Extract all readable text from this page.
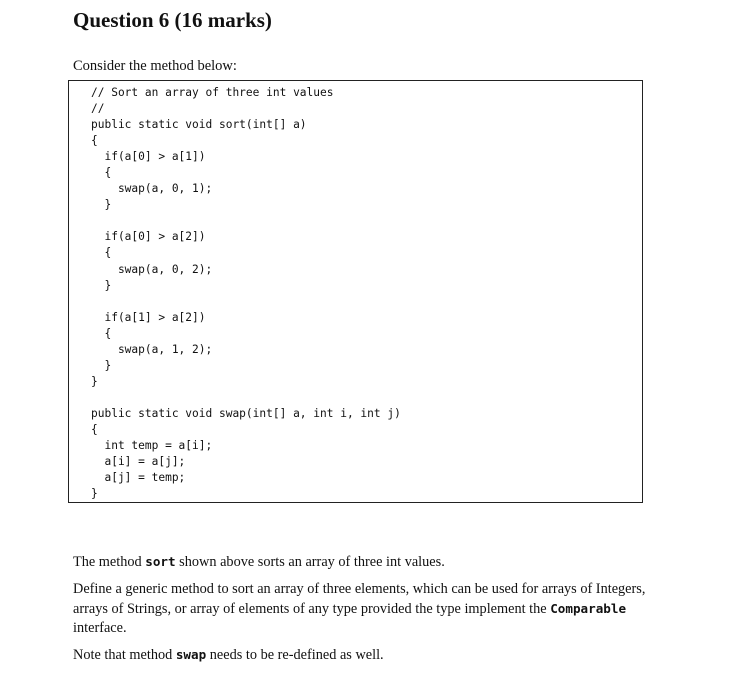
Question 6 (16 marks)
Consider the method below:
// Sort an array of three int values
//
public static void sort(int[] a)
{
if(a[0] > a[1])
{
swap(a, 0, 1);
}

if(a[0] > a[2])
{
swap(a, 0, 2);
}

if(a[1] > a[2])
{
swap(a, 1, 2);
}
}

public static void swap(int[] a, int i, int j)
{
int temp = a[i];
a[i] = a[j];
a[j] = temp;
}

The method sort shown above sorts an array of three int values.

Define a generic method to sort an array of three elements, which can be used for arrays of Integers, arrays of Strings, or array of elements of any type provided the type implement the Comparable interface.

Note that method swap needs to be re-defined as well.
